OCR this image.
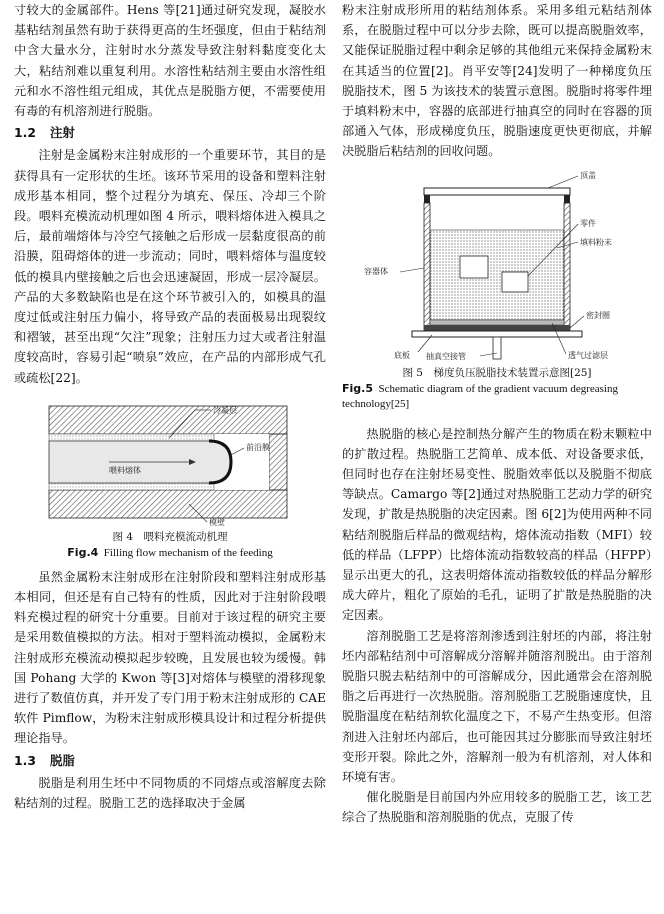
寸较大的金属部件。Hens 等[21]通过研究发现，凝胶水基粘结剂虽然有助于获得更高的生坯强度，但由于粘结剂中含大量水分，注射时水分蒸发导致注射料黏度变化太大，粘结剂难以重复利用。水溶性粘结剂主要由水溶性组元和水不溶性组元组成，其优点是脱脂方便，不需要使用有毒的有机溶剂进行脱脂。

1.2 注射

注射是金属粉末注射成形的一个重要环节，其目的是获得具有一定形状的生坯。该环节采用的设备和塑料注射成形基本相同，整个过程分为填充、保压、冷却三个阶段。喂料充模流动机理如图 4 所示，喂料熔体进入模具之后，最前端熔体与冷空气接触之后形成一层黏度很高的前沿膜，阻碍熔体的进一步流动；同时，喂料熔体与温度较低的模具内壁接触之后也会迅速凝固，形成一层冷凝层。产品的大多数缺陷也是在这个环节被引入的，如模具的温度过低或注射压力偏小，将导致产品的表面极易出现裂纹和褶皱，甚至出现“欠注”现象；注射压力过大或者注射温度较高时，容易引起“喷泉”效应，在产品的内部形成气孔或疏松[22]。

冷凝层
前沿膜
喂料熔体
模壁
图 4　喂料充模流动机理
Fig.4 Filling flow mechanism of the feeding

虽然金属粉末注射成形在注射阶段和塑料注射成形基本相同，但还是有自己特有的性质，因此对于注射阶段喂料充模过程的研究十分重要。目前对于该过程的研究主要是采用数值模拟的方法。相对于塑料流动模拟，金属粉末注射成形充模流动模拟起步较晚，且发展也较为缓慢。韩国 Pohang 大学的 Kwon 等[3]对熔体与模壁的滑移现象进行了数值仿真，并开发了专门用于粉末注射成形的 CAE 软件 Pimflow，为粉末注射成形模具设计和过程分析提供理论指导。

1.3 脱脂

脱脂是利用生坯中不同物质的不同熔点或溶解度去除粘结剂的过程。脱脂工艺的选择取决于金属

粉末注射成形所用的粘结剂体系。采用多组元粘结剂体系，在脱脂过程中可以分步去除，既可以提高脱脂效率，又能保证脱脂过程中剩余足够的其他组元来保持金属粉末在其适当的位置[2]。肖平安等[24]发明了一种梯度负压脱脂技术，图 5 为该技术的装置示意图。脱脂时将零件埋于填料粉末中，容器的底部进行抽真空的同时在容器的顶部通入气体，形成梯度负压，脱脂速度更快更彻底，并解决脱脂后粘结剂的回收问题。

顶盖
零件
填料粉末
容器体
密封圈
底板 抽真空接管	透气过滤层
图 5　梯度负压脱脂技术装置示意图[25]
Fig.5 Schematic diagram of the gradient vacuum degreasing technology[25]

热脱脂的核心是控制热分解产生的物质在粉末颗粒中的扩散过程。热脱脂工艺简单、成本低、对设备要求低，但同时也存在注射坯易变性、脱脂效率低以及脱脂不彻底等缺点。Camargo 等[2]通过对热脱脂工艺动力学的研究发现，扩散是热脱脂的决定因素。图 6[2]为使用两种不同粘结剂脱脂后样品的微观结构，熔体流动指数（MFI）较低的样品（LFPP）比熔体流动指数较高的样品（HFPP）显示出更大的孔，这表明熔体流动指数较低的样品分解形成大碎片，粗化了原始的毛孔，证明了扩散是热脱脂的决定因素。

溶剂脱脂工艺是将溶剂渗透到注射坯的内部，将注射坯内部粘结剂中可溶解成分溶解并随溶剂脱出。由于溶剂脱脂只脱去粘结剂中的可溶解成分，因此通常会在溶剂脱脂之后再进行一次热脱脂。溶剂脱脂工艺脱脂速度快，且脱脂温度在粘结剂软化温度之下，不易产生热变形。但溶剂进入注射坯内部后，也可能因其过分膨胀而导致注射坯变形开裂。除此之外，溶解剂一般为有机溶剂，对人体和环境有害。

催化脱脂是目前国内外应用较多的脱脂工艺，该工艺综合了热脱脂和溶剂脱脂的优点，克服了传
